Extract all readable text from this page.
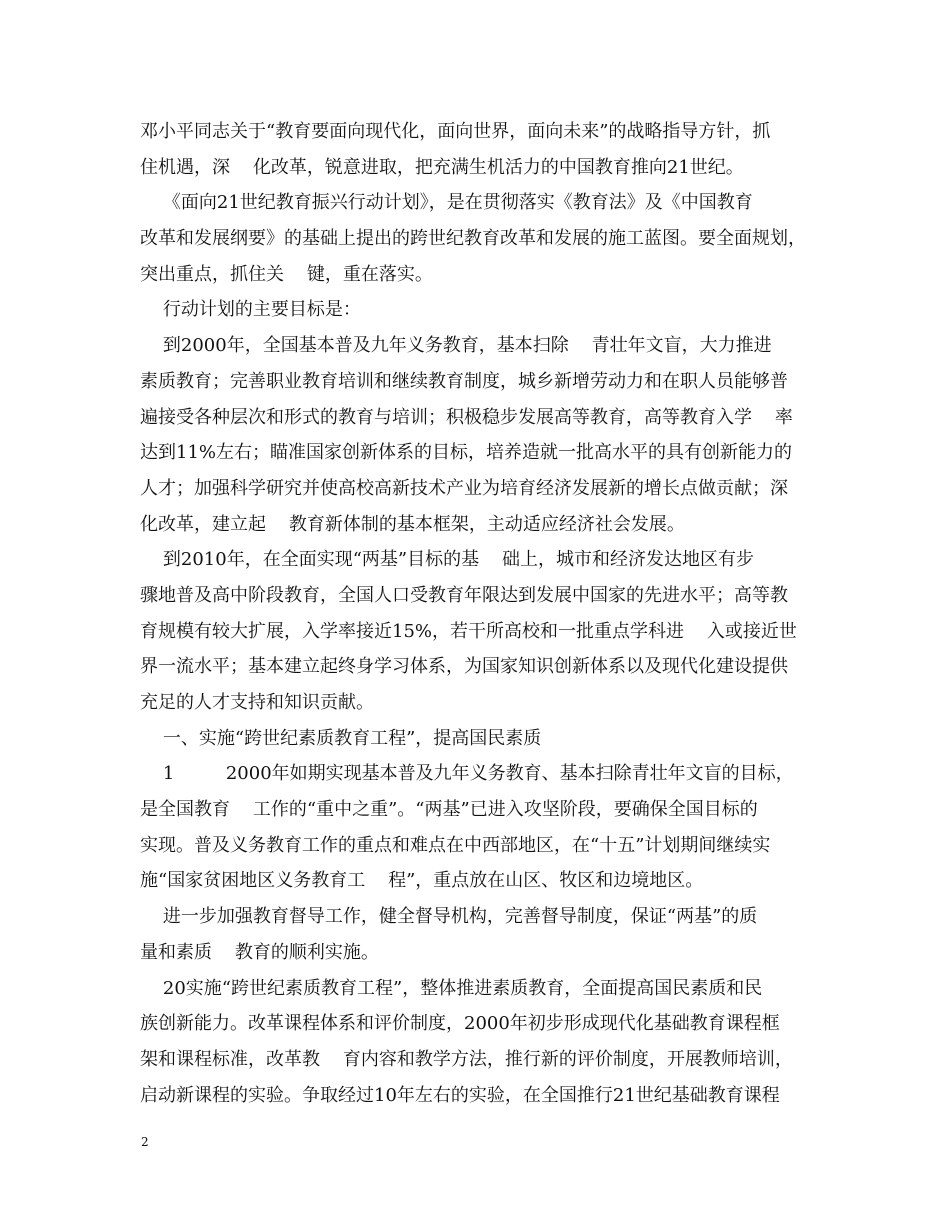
邓小平同志关于“教育要面向现代化，面向世界，面向未来”的战略指导方针，抓
住机遇，深    化改革，锐意进取，把充满生机活力的中国教育推向21世纪。
《面向21世纪教育振兴行动计划》，是在贯彻落实《教育法》及《中国教育
改革和发展纲要》的基础上提出的跨世纪教育改革和发展的施工蓝图。要全面规划，
突出重点，抓住关    键，重在落实。
行动计划的主要目标是：
到2000年，全国基本普及九年义务教育，基本扫除    青壮年文盲，大力推进
素质教育；完善职业教育培训和继续教育制度，城乡新增劳动力和在职人员能够普
遍接受各种层次和形式的教育与培训；积极稳步发展高等教育，高等教育入学    率
达到11%左右；瞄准国家创新体系的目标，培养造就一批高水平的具有创新能力的
人才；加强科学研究并使高校高新技术产业为培育经济发展新的增长点做贡献；深
化改革，建立起    教育新体制的基本框架，主动适应经济社会发展。
到2010年，在全面实现“两基”目标的基    础上，城市和经济发达地区有步
骤地普及高中阶段教育，全国人口受教育年限达到发展中国家的先进水平；高等教
育规模有较大扩展，入学率接近15%，若干所高校和一批重点学科进    入或接近世
界一流水平；基本建立起终身学习体系，为国家知识创新体系以及现代化建设提供
充足的人才支持和知识贡献。
一、实施“跨世纪素质教育工程”，提高国民素质
1         2000年如期实现基本普及九年义务教育、基本扫除青壮年文盲的目标，
是全国教育    工作的“重中之重”。“两基”已进入攻坚阶段，要确保全国目标的
实现。普及义务教育工作的重点和难点在中西部地区，在“十五”计划期间继续实
施“国家贫困地区义务教育工    程”，重点放在山区、牧区和边境地区。
进一步加强教育督导工作，健全督导机构，完善督导制度，保证“两基”的质
量和素质    教育的顺利实施。
20实施“跨世纪素质教育工程”，整体推进素质教育，全面提高国民素质和民
族创新能力。改革课程体系和评价制度，2000年初步形成现代化基础教育课程框
架和课程标准，改革教    育内容和教学方法，推行新的评价制度，开展教师培训，
启动新课程的实验。争取经过10年左右的实验，在全国推行21世纪基础教育课程
2
